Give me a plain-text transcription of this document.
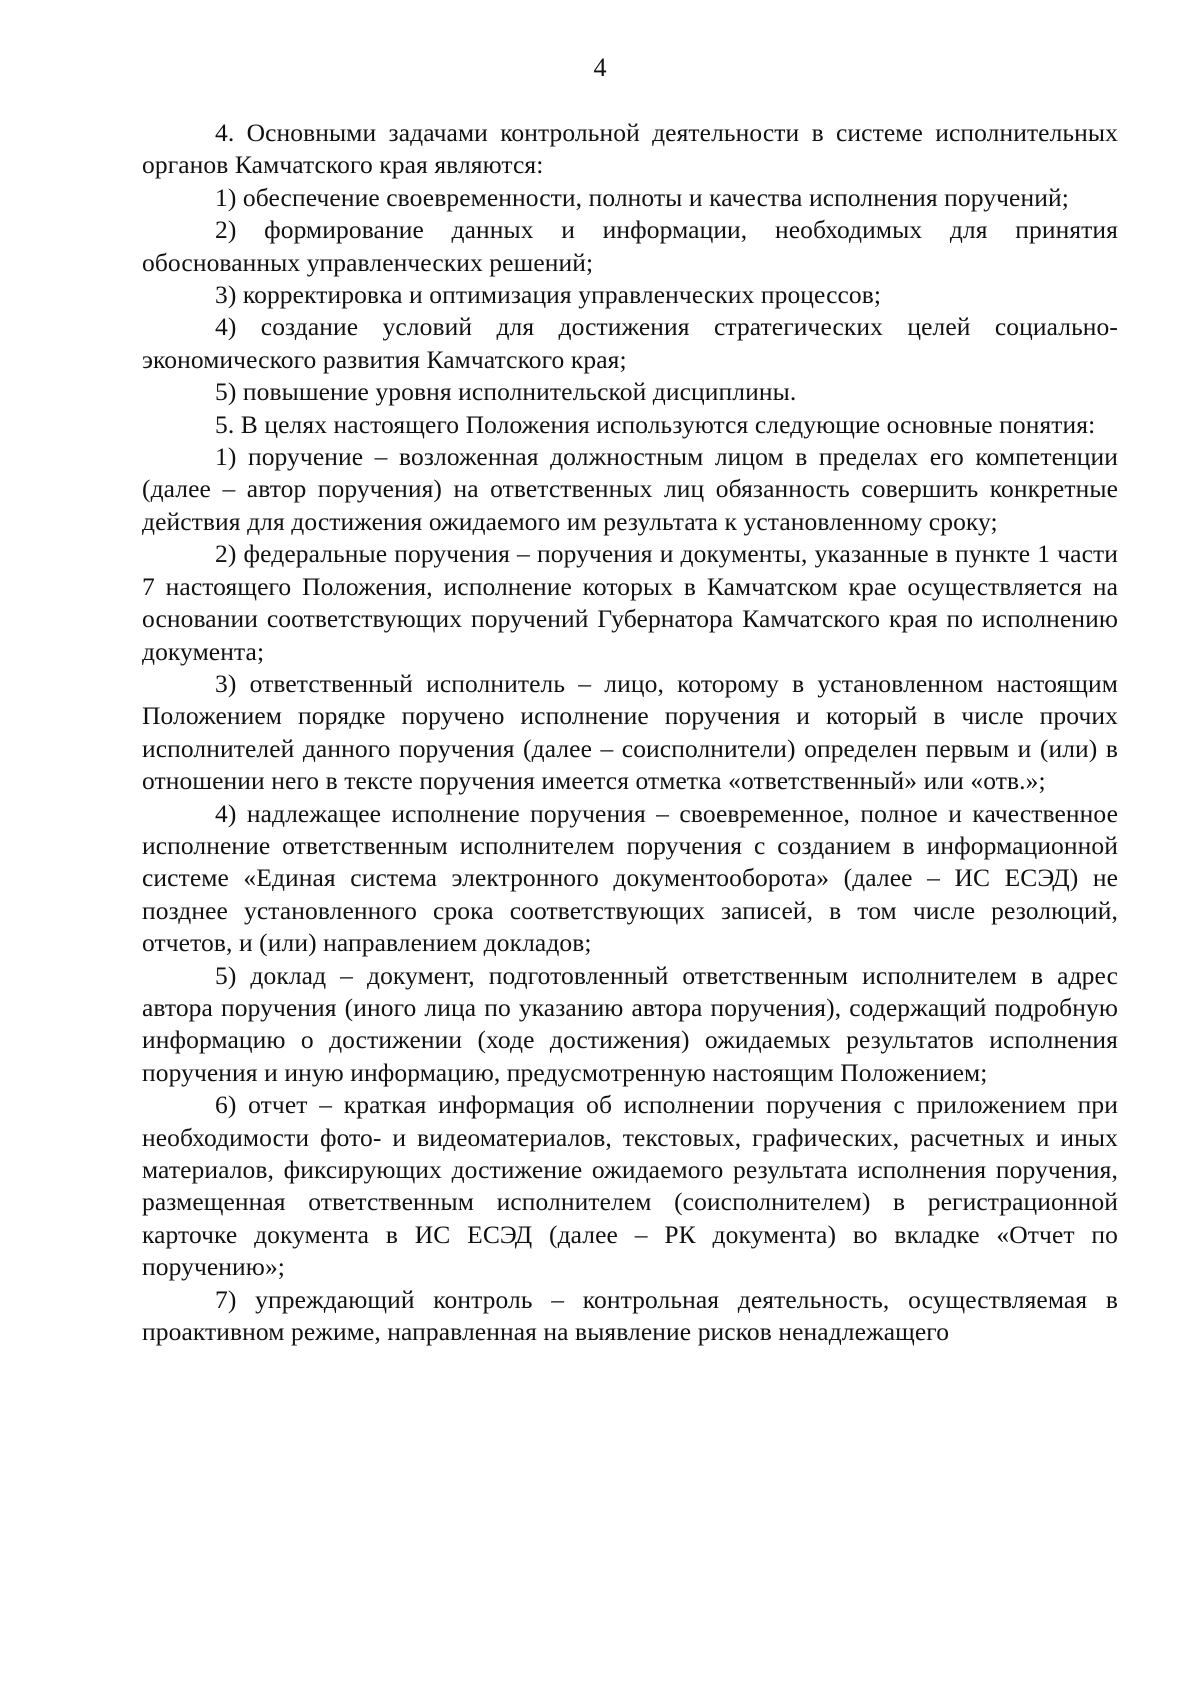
4

4. Основными задачами контрольной деятельности в системе исполнительных органов Камчатского края являются:

1) обеспечение своевременности, полноты и качества исполнения поручений;

2) формирование данных и информации, необходимых для принятия обоснованных управленческих решений;

3) корректировка и оптимизация управленческих процессов;

4) создание условий для достижения стратегических целей социально-экономического развития Камчатского края;

5) повышение уровня исполнительской дисциплины.

5. В целях настоящего Положения используются следующие основные понятия:

1) поручение – возложенная должностным лицом в пределах его компетенции (далее – автор поручения) на ответственных лиц обязанность совершить конкретные действия для достижения ожидаемого им результата к установленному сроку;

2) федеральные поручения – поручения и документы, указанные в пункте 1 части 7 настоящего Положения, исполнение которых в Камчатском крае осуществляется на основании соответствующих поручений Губернатора Камчатского края по исполнению документа;

3) ответственный исполнитель – лицо, которому в установленном настоящим Положением порядке поручено исполнение поручения и который в числе прочих исполнителей данного поручения (далее – соисполнители) определен первым и (или) в отношении него в тексте поручения имеется отметка «ответственный» или «отв.»;

4) надлежащее исполнение поручения – своевременное, полное и качественное исполнение ответственным исполнителем поручения с созданием в информационной системе «Единая система электронного документооборота» (далее – ИС ЕСЭД) не позднее установленного срока соответствующих записей, в том числе резолюций, отчетов, и (или) направлением докладов;

5) доклад – документ, подготовленный ответственным исполнителем в адрес автора поручения (иного лица по указанию автора поручения), содержащий подробную информацию о достижении (ходе достижения) ожидаемых результатов исполнения поручения и иную информацию, предусмотренную настоящим Положением;

6) отчет – краткая информация об исполнении поручения с приложением при необходимости фото- и видеоматериалов, текстовых, графических, расчетных и иных материалов, фиксирующих достижение ожидаемого результата исполнения поручения, размещенная ответственным исполнителем (соисполнителем) в регистрационной карточке документа в ИС ЕСЭД (далее – РК документа) во вкладке «Отчет по поручению»;

7) упреждающий контроль – контрольная деятельность, осуществляемая в проактивном режиме, направленная на выявление рисков ненадлежащего
